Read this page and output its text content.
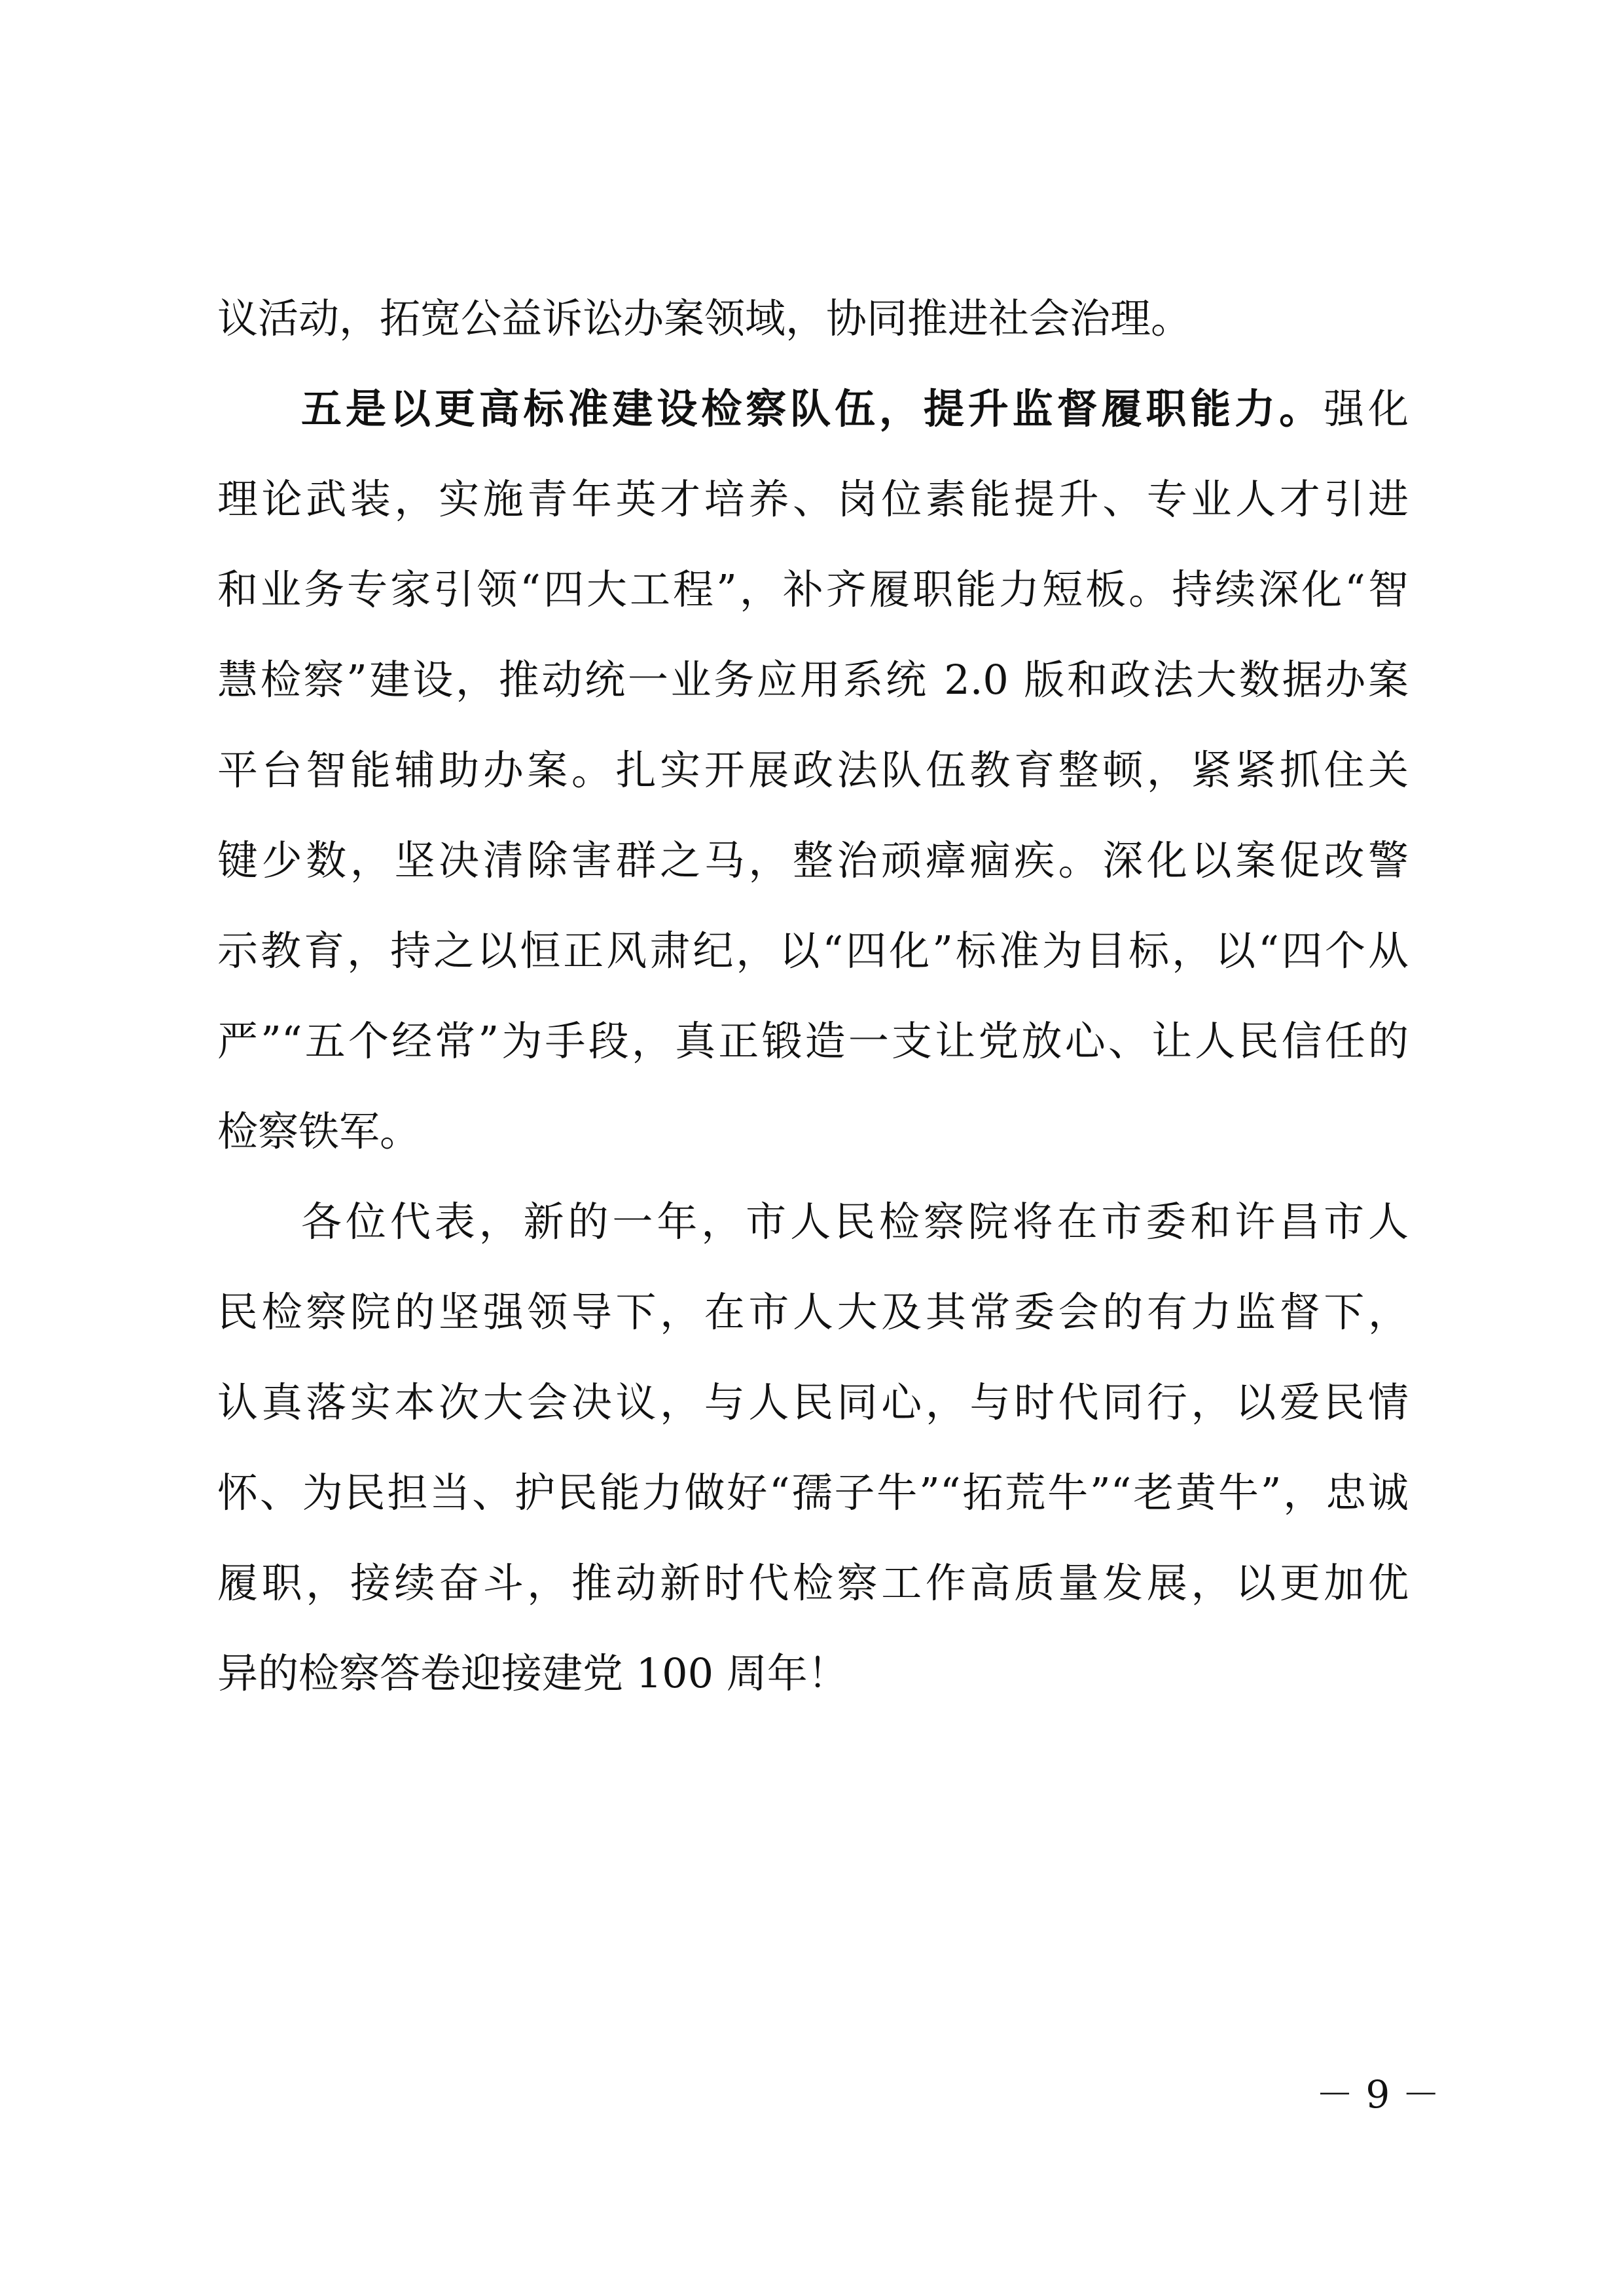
议活动，拓宽公益诉讼办案领域，协同推进社会治理。
五是以更高标准建设检察队伍，提升监督履职能力。强化
理论武装，实施青年英才培养、岗位素能提升、专业人才引进
和业务专家引领“四大工程”，补齐履职能力短板。持续深化“智
慧检察”建设，推动统一业务应用系统 2.0 版和政法大数据办案
平台智能辅助办案。扎实开展政法队伍教育整顿，紧紧抓住关
键少数，坚决清除害群之马，整治顽瘴痼疾。深化以案促改警
示教育，持之以恒正风肃纪，以“四化”标准为目标，以“四个从
严”“五个经常”为手段，真正锻造一支让党放心、让人民信任的
检察铁军。
各位代表，新的一年，市人民检察院将在市委和许昌市人
民检察院的坚强领导下，在市人大及其常委会的有力监督下，
认真落实本次大会决议，与人民同心，与时代同行，以爱民情
怀、为民担当、护民能力做好“孺子牛”“拓荒牛”“老黄牛”，忠诚
履职，接续奋斗，推动新时代检察工作高质量发展，以更加优
异的检察答卷迎接建党 100 周年！
－ 9 －
